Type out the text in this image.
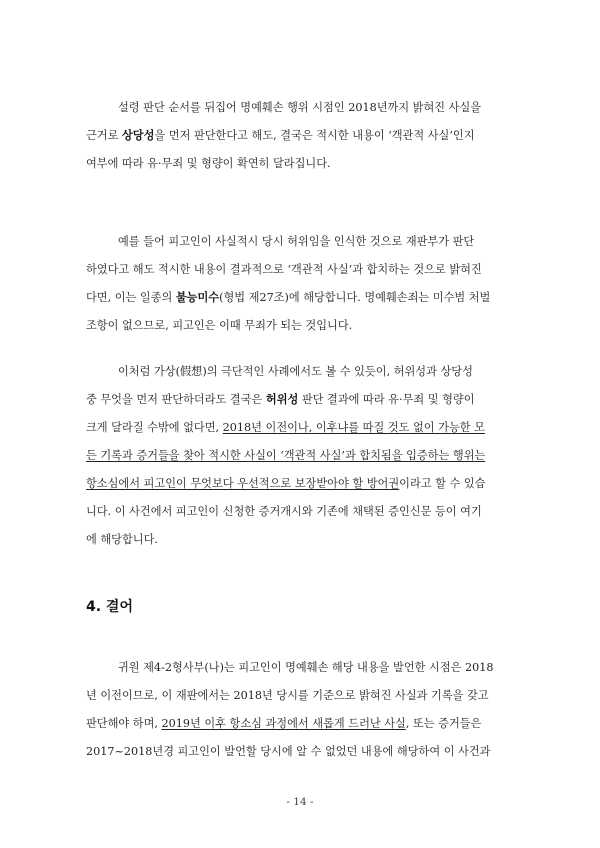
설령 판단 순서를 뒤집어 명예훼손 행위 시점인 2018년까지 밝혀진 사실을
근거로 상당성을 먼저 판단한다고 해도, 결국은 적시한 내용이 ‘객관적 사실’인지
여부에 따라 유·무죄 및 형량이 확연히 달라집니다.

예를 들어 피고인이 사실적시 당시 허위임을 인식한 것으로 재판부가 판단
하였다고 해도 적시한 내용이 결과적으로 ‘객관적 사실’과 합치하는 것으로 밝혀진
다면, 이는 일종의 불능미수(형법 제27조)에 해당합니다. 명예훼손죄는 미수범 처벌
조항이 없으므로, 피고인은 이때 무죄가 되는 것입니다.

이처럼 가상(假想)의 극단적인 사례에서도 볼 수 있듯이, 허위성과 상당성
중 무엇을 먼저 판단하더라도 결국은 허위성 판단 결과에 따라 유·무죄 및 형량이
크게 달라질 수밖에 없다면, 2018년 이전이나, 이후냐를 따질 것도 없이 가능한 모
든 기록과 증거들을 찾아 적시한 사실이 ‘객관적 사실’과 합치됨을 입증하는 행위는
항소심에서 피고인이 무엇보다 우선적으로 보장받아야 할 방어권이라고 할 수 있습
니다. 이 사건에서 피고인이 신청한 증거개시와 기존에 채택된 증인신문 등이 여기
에 해당합니다.

4. 결어

귀원 제4-2형사부(나)는 피고인이 명예훼손 해당 내용을 발언한 시점은 2018
년 이전이므로, 이 재판에서는 2018년 당시를 기준으로 밝혀진 사실과 기록을 갖고
판단해야 하며, 2019년 이후 항소심 과정에서 새롭게 드러난 사실, 또는 증거들은
2017~2018년경 피고인이 발언할 당시에 알 수 없었던 내용에 해당하여 이 사건과

- 14 -
